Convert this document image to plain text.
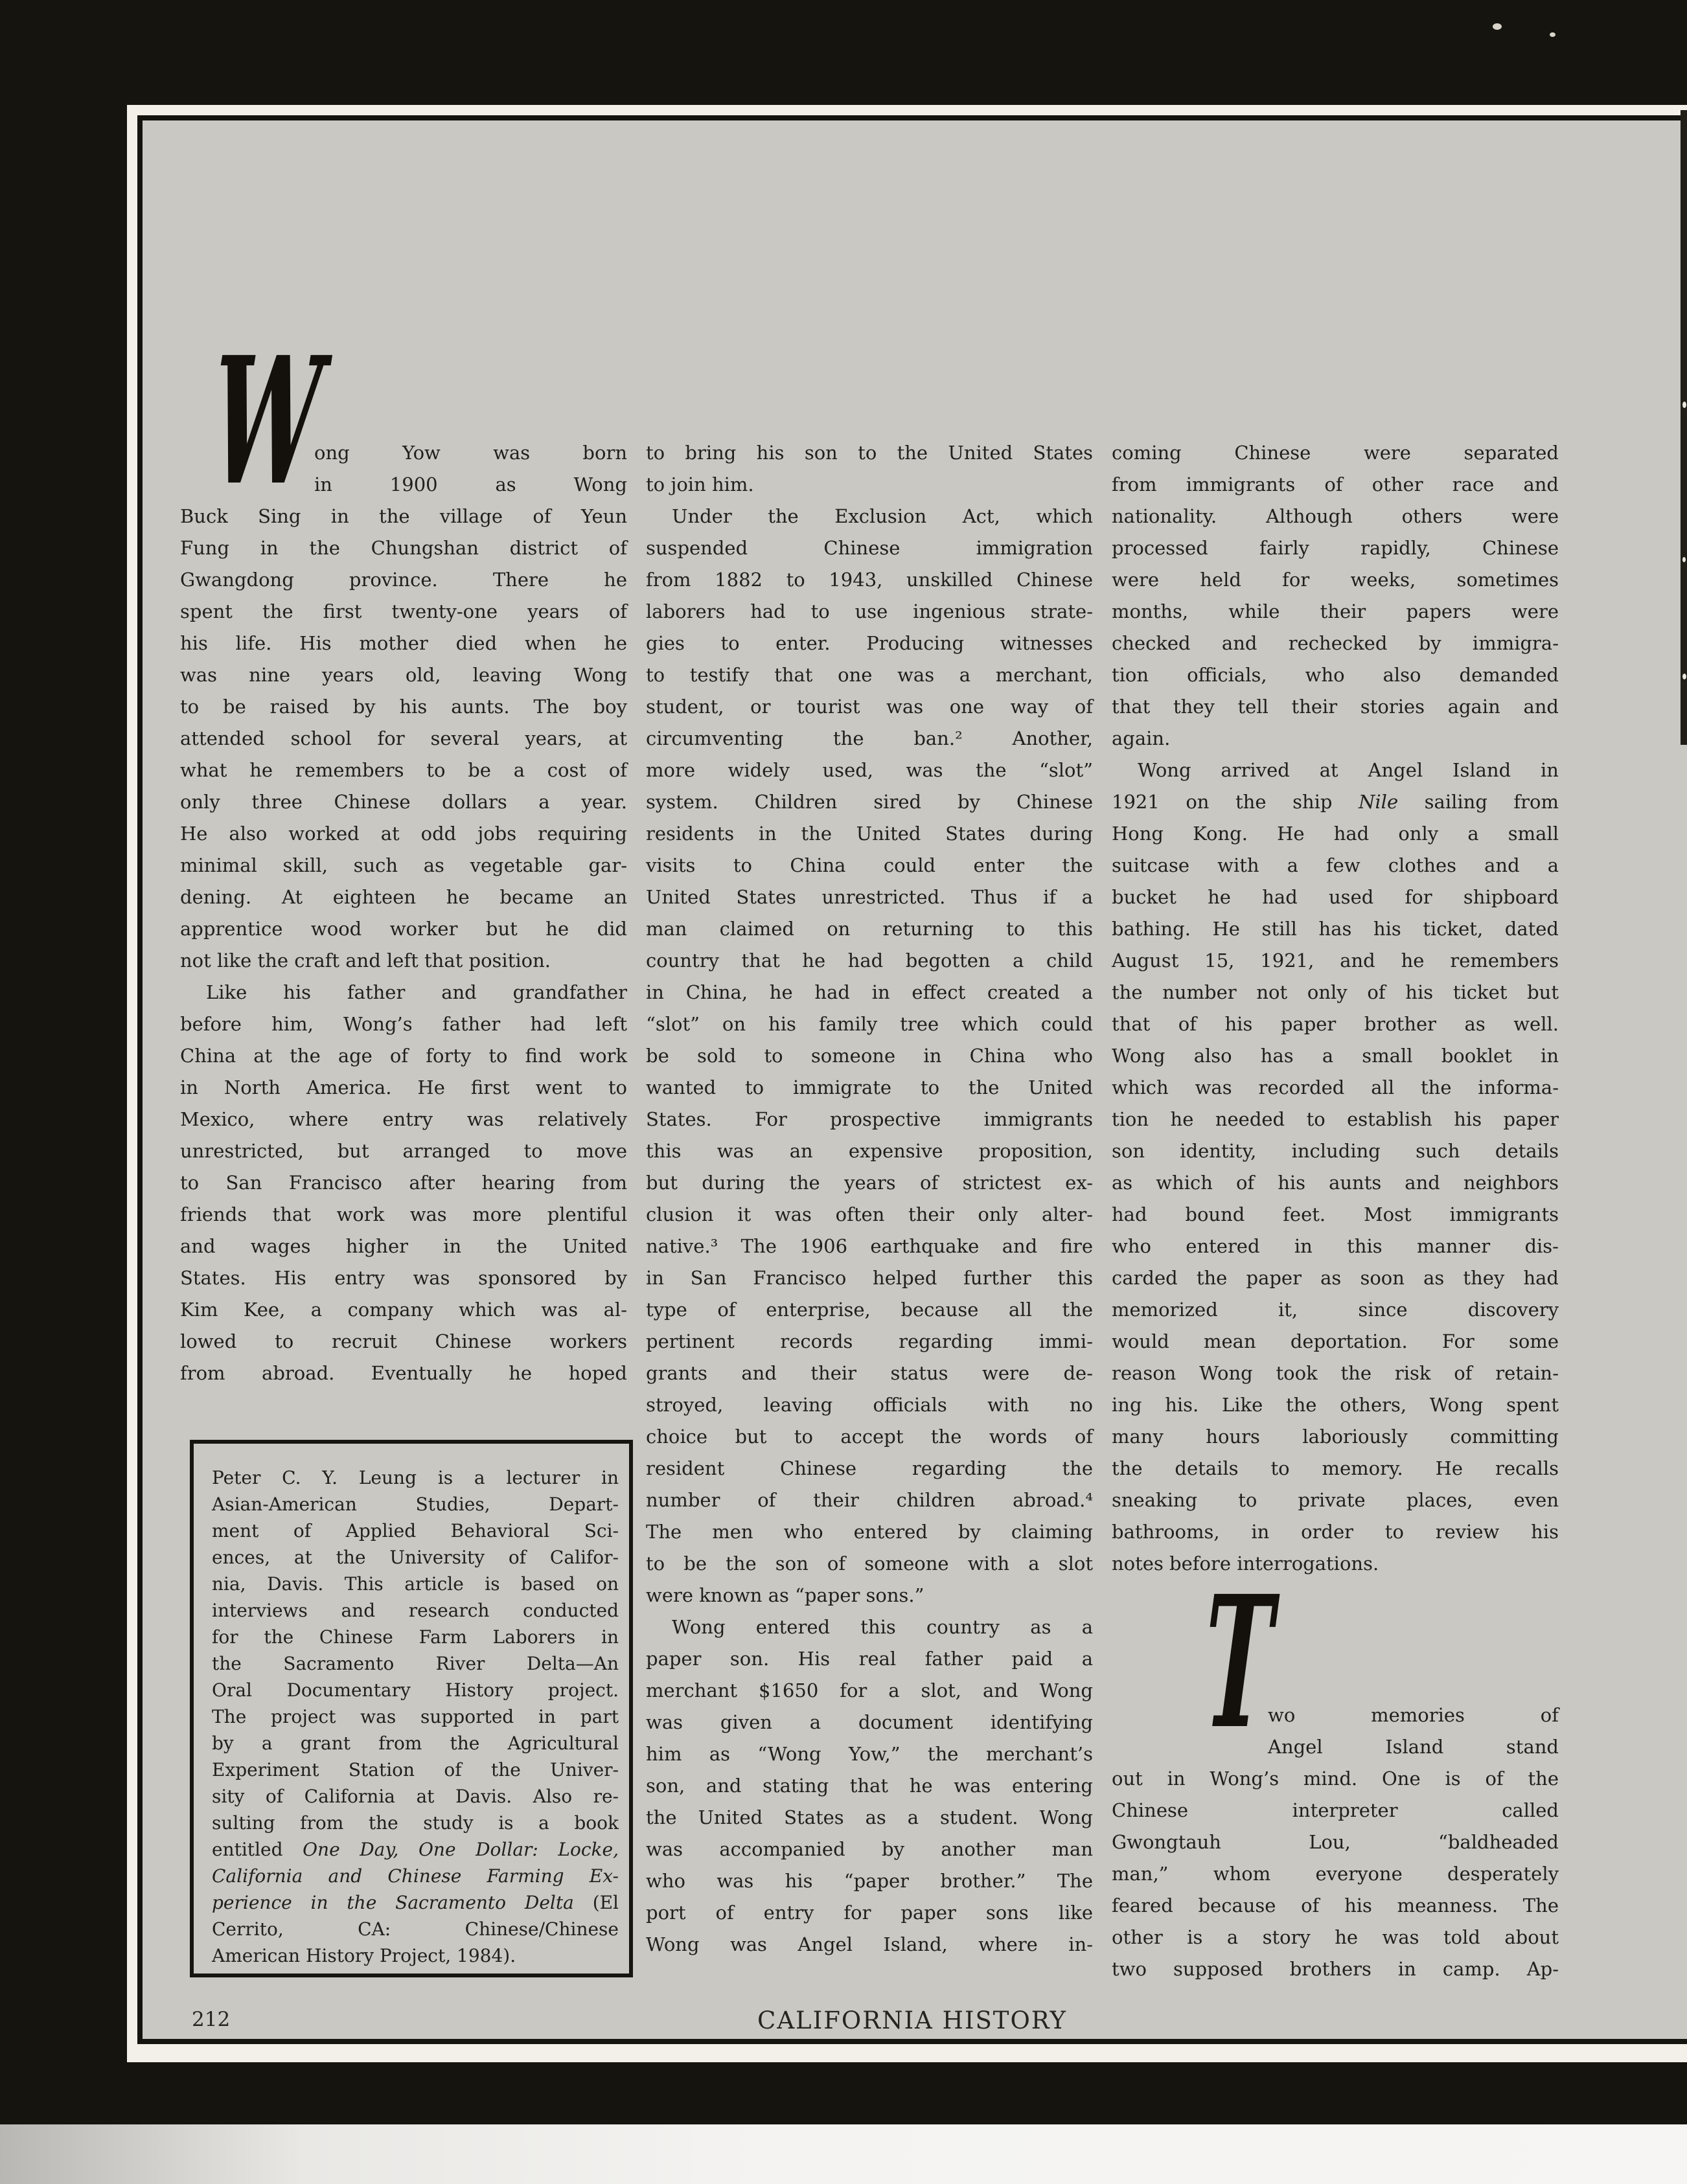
W
ong Yow was born
in 1900 as Wong
Buck Sing in the village of Yeun
Fung in the Chungshan district of
Gwangdong province. There he
spent the first twenty-one years of
his life. His mother died when he
was nine years old, leaving Wong
to be raised by his aunts. The boy
attended school for several years, at
what he remembers to be a cost of
only three Chinese dollars a year.
He also worked at odd jobs requiring
minimal skill, such as vegetable gar-
dening. At eighteen he became an
apprentice wood worker but he did
not like the craft and left that position.
Like his father and grandfather
before him, Wong’s father had left
China at the age of forty to find work
in North America. He first went to
Mexico, where entry was relatively
unrestricted, but arranged to move
to San Francisco after hearing from
friends that work was more plentiful
and wages higher in the United
States. His entry was sponsored by
Kim Kee, a company which was al-
lowed to recruit Chinese workers
from abroad. Eventually he hoped
to bring his son to the United States
to join him.
Under the Exclusion Act, which
suspended Chinese immigration
from 1882 to 1943, unskilled Chinese
laborers had to use ingenious strate-
gies to enter. Producing witnesses
to testify that one was a merchant,
student, or tourist was one way of
circumventing the ban.² Another,
more widely used, was the “slot”
system. Children sired by Chinese
residents in the United States during
visits to China could enter the
United States unrestricted. Thus if a
man claimed on returning to this
country that he had begotten a child
in China, he had in effect created a
“slot” on his family tree which could
be sold to someone in China who
wanted to immigrate to the United
States. For prospective immigrants
this was an expensive proposition,
but during the years of strictest ex-
clusion it was often their only alter-
native.³ The 1906 earthquake and fire
in San Francisco helped further this
type of enterprise, because all the
pertinent records regarding immi-
grants and their status were de-
stroyed, leaving officials with no
choice but to accept the words of
resident Chinese regarding the
number of their children abroad.⁴
The men who entered by claiming
to be the son of someone with a slot
were known as “paper sons.”
Wong entered this country as a
paper son. His real father paid a
merchant $1650 for a slot, and Wong
was given a document identifying
him as “Wong Yow,” the merchant’s
son, and stating that he was entering
the United States as a student. Wong
was accompanied by another man
who was his “paper brother.” The
port of entry for paper sons like
Wong was Angel Island, where in-
coming Chinese were separated
from immigrants of other race and
nationality. Although others were
processed fairly rapidly, Chinese
were held for weeks, sometimes
months, while their papers were
checked and rechecked by immigra-
tion officials, who also demanded
that they tell their stories again and
again.
Wong arrived at Angel Island in
1921 on the ship Nile sailing from
Hong Kong. He had only a small
suitcase with a few clothes and a
bucket he had used for shipboard
bathing. He still has his ticket, dated
August 15, 1921, and he remembers
the number not only of his ticket but
that of his paper brother as well.
Wong also has a small booklet in
which was recorded all the informa-
tion he needed to establish his paper
son identity, including such details
as which of his aunts and neighbors
had bound feet. Most immigrants
who entered in this manner dis-
carded the paper as soon as they had
memorized it, since discovery
would mean deportation. For some
reason Wong took the risk of retain-
ing his. Like the others, Wong spent
many hours laboriously committing
the details to memory. He recalls
sneaking to private places, even
bathrooms, in order to review his
notes before interrogations.
T
wo memories of
Angel Island stand
out in Wong’s mind. One is of the
Chinese interpreter called
Gwongtauh Lou, “baldheaded
man,” whom everyone desperately
feared because of his meanness. The
other is a story he was told about
two supposed brothers in camp. Ap-
Peter C. Y. Leung is a lecturer in
Asian-American Studies, Depart-
ment of Applied Behavioral Sci-
ences, at the University of Califor-
nia, Davis. This article is based on
interviews and research conducted
for the Chinese Farm Laborers in
the Sacramento River Delta—An
Oral Documentary History project.
The project was supported in part
by a grant from the Agricultural
Experiment Station of the Univer-
sity of California at Davis. Also re-
sulting from the study is a book
entitled One Day, One Dollar: Locke,
California and Chinese Farming Ex-
perience in the Sacramento Delta (El
Cerrito, CA: Chinese/Chinese
American History Project, 1984).
212	CALIFORNIA HISTORY
